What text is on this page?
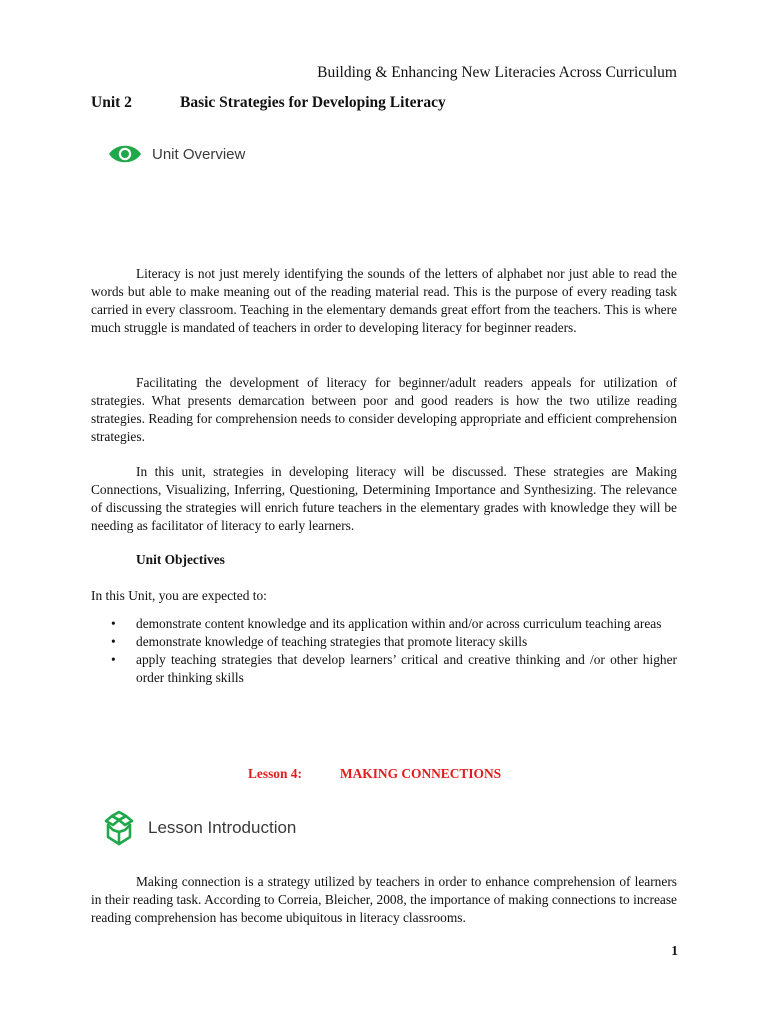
Building & Enhancing New Literacies Across Curriculum
Unit 2	Basic Strategies for Developing Literacy
Unit Overview

Literacy is not just merely identifying the sounds of the letters of alphabet nor just able to read the words but able to make meaning out of the reading material read. This is the purpose of every reading task carried in every classroom. Teaching in the elementary demands great effort from the teachers. This is where much struggle is mandated of teachers in order to developing literacy for beginner readers.

Facilitating the development of literacy for beginner/adult readers appeals for utilization of strategies. What presents demarcation between poor and good readers is how the two utilize reading strategies. Reading for comprehension needs to consider developing appropriate and efficient comprehension strategies.

In this unit, strategies in developing literacy will be discussed. These strategies are Making Connections, Visualizing, Inferring, Questioning, Determining Importance and Synthesizing. The relevance of discussing the strategies will enrich future teachers in the elementary grades with knowledge they will be needing as facilitator of literacy to early learners.

Unit Objectives
In this Unit, you are expected to:
• demonstrate content knowledge and its application within and/or across curriculum teaching areas
• demonstrate knowledge of teaching strategies that promote literacy skills
• apply teaching strategies that develop learners’ critical and creative thinking and /or other higher order thinking skills
Lesson 4:	MAKING CONNECTIONS
Lesson Introduction

Making connection is a strategy utilized by teachers in order to enhance comprehension of learners in their reading task. According to Correia, Bleicher, 2008, the importance of making connections to increase reading comprehension has become ubiquitous in literacy classrooms.

1
